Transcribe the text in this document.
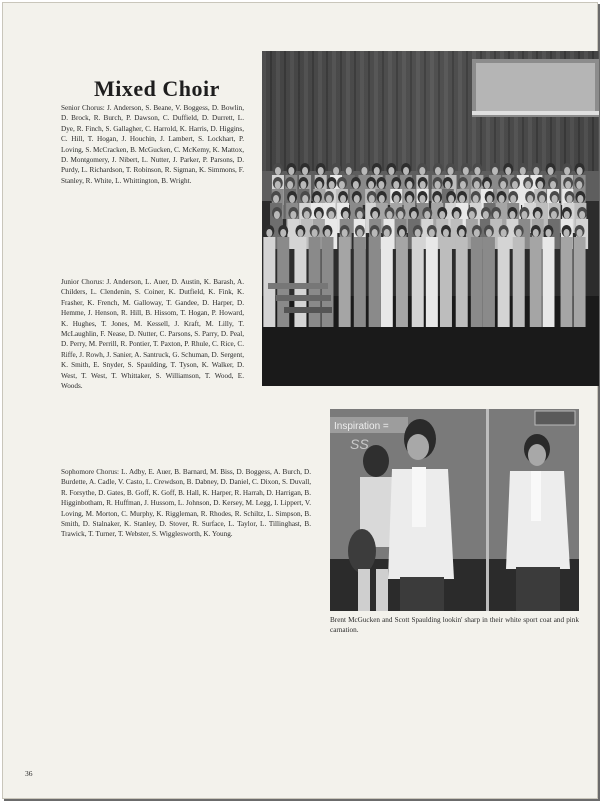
Mixed Choir

Senior Chorus: J. Anderson, S. Beane, V. Boggess, D. Bowlin, D. Brock, R. Burch, P. Dawson, C. Duffield, D. Durrett, L. Dye, R. Finch, S. Gallagher, C. Harrold, K. Harris, D. Higgins, C. Hill, T. Hogan, J. Houchin, J. Lambert, S. Lockhart, P. Loving, S. McCracken, B. McGucken, C. McKemy, K. Mattox, D. Montgomery, J. Nibert, L. Nutter, J. Parker, P. Parsons, D. Purdy, L. Richardson, T. Robinson, R. Sigman, K. Simmons, F. Stanley, R. White, L. Whittington, B. Wright.

Junior Chorus: J. Anderson, L. Auer, D. Austin, K. Barash, A. Childers, L. Clendenin, S. Coiner, K. Dutfield, K. Fink, K. Frasher, K. French, M. Galloway, T. Gandee, D. Harper, D. Hemme, J. Henson, R. Hill, B. Hissom, T. Hogan, P. Howard, K. Hughes, T. Jones, M. Kessell, J. Kraft, M. Lilly, T. McLaughlin, F. Nease, D. Nutter, C. Parsons, S. Parry, D. Peal, D. Perry, M. Perrill, R. Pontier, T. Paxton, P. Rhule, C. Rice, C. Riffe, J. Rowh, J. Sanier, A. Santruck, G. Schuman, D. Sergent, K. Smith, E. Snyder, S. Spaulding, T. Tyson, K. Walker, D. West, T. West, T. Whittaker, S. Williamson, T. Wood, E. Woods.

Sophomore Chorus: L. Adby, E. Auer, B. Barnard, M. Biss, D. Boggess, A. Burch, D. Burdette, A. Cadle, V. Casto, L. Crewdson, B. Dabney, D. Daniel, C. Dixon, S. Duvall, R. Forsythe, D. Gates, B. Goff, K. Goff, B. Hall, K. Harper, R. Harrah, D. Harrigan, B. Higginbotham, R. Huffman, J. Hussom, L. Johnson, D. Kersey, M. Legg, I. Lippert, V. Loving, M. Morton, C. Murphy, K. Riggleman, R. Rhodes, R. Schiltz, L. Simpson, B. Smith, D. Stalnaker, K. Stanley, D. Stover, R. Surface, L. Taylor, L. Tillinghast, B. Trawick, T. Turner, T. Webster, S. Wigglesworth, K. Young.

Inspiration =
SS

Brent McGucken and Scott Spaulding lookin' sharp in their white sport coat and pink carnation.

36
